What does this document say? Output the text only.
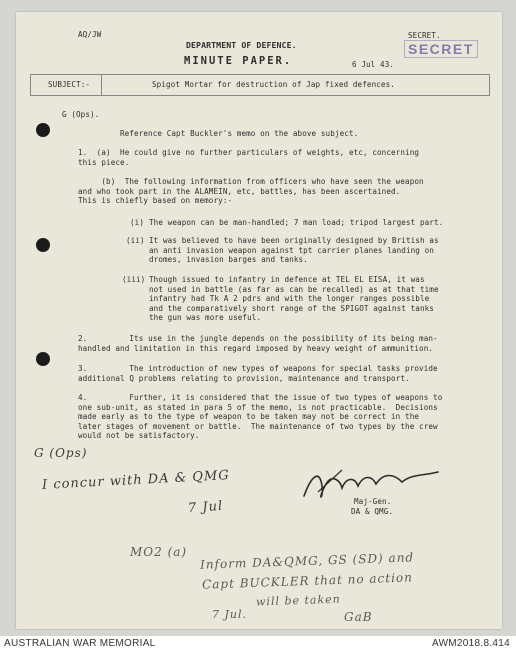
AQ/JW
DEPARTMENT OF DEFENCE.
MINUTE PAPER.
SECRET.
SECRET
6 Jul 43.
SUBJECT:-	Spigot Mortar for destruction of Jap fixed defences.
G (Ops).
Reference Capt Buckler's memo on the above subject.
1.  (a)  He could give no further particulars of weights, etc, concerning
this piece.
(b)  The following information from officers who have seen the weapon
and who took part in the ALAMEIN, etc, battles, has been ascertained.
This is chiefly based on memory:-
(i) The weapon can be man-handled; 7 man load; tripod largest part.
(ii) It was believed to have been originally designed by British as
an anti invasion weapon against tpt carrier planes landing on
dromes, invasion barges and tanks.
(iii) Though issued to infantry in defence at TEL EL EISA, it was
not used in battle (as far as can be recalled) as at that time
infantry had Tk A 2 pdrs and with the longer ranges possible
and the comparatively short range of the SPIGOT against tanks
the gun was more useful.
2.         Its use in the jungle depends on the possibility of its being man-
handled and limitation in this regard imposed by heavy weight of ammunition.
3.         The introduction of new types of weapons for special tasks provide
additional Q problems relating to provision, maintenance and transport.
4.         Further, it is considered that the issue of two types of weapons to
one sub-unit, as stated in para 5 of the memo, is not practicable.  Decisions
made early as to the type of weapon to be taken may not be correct in the
later stages of movement or battle.  The maintenance of two types by the crew
would not be satisfactory.
G (Ops)
I concur with DA & QMG
7 Jul	Maj-Gen.
DA & QMG.
MO2 (a) Inform DA&QMG, GS (SD) and
Capt BUCKLER that no action
will be taken
7 Jul.	GaB
AUSTRALIAN WAR MEMORIAL	AWM2018.8.414
